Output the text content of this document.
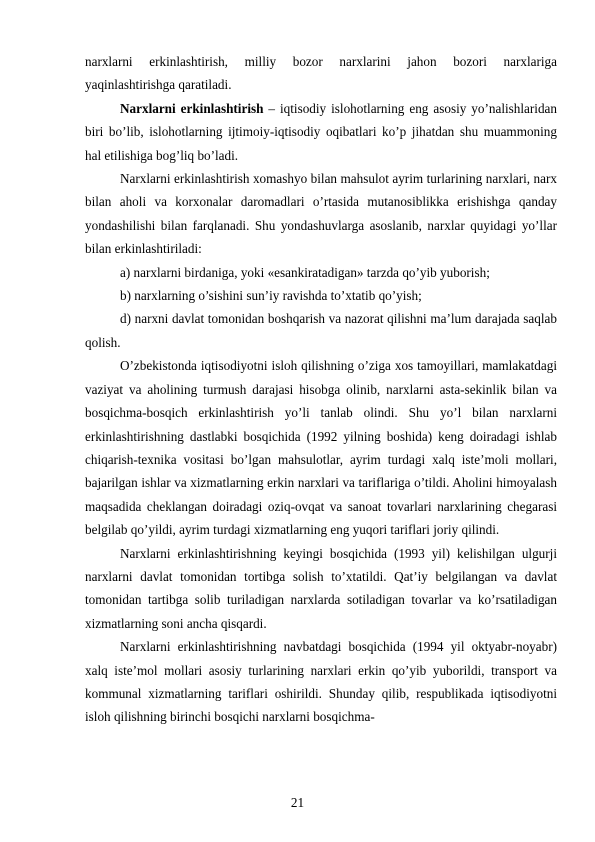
narxlarni erkinlashtirish, milliy bozor narxlarini jahon bozori narxlariga yaqinlashtirishga qaratiladi.

Narxlarni erkinlashtirish – iqtisodiy islohotlarning eng asosiy yo’nalishlaridan biri bo’lib, islohotlarning ijtimoiy-iqtisodiy oqibatlari ko’p jihatdan shu muammoning hal etilishiga bog’liq bo’ladi.

Narxlarni erkinlashtirish xomashyo bilan mahsulot ayrim turlarining narxlari, narx bilan aholi va korxonalar daromadlari o’rtasida mutanosiblikka erishishga qanday yondashilishi bilan farqlanadi. Shu yondashuvlarga asoslanib, narxlar quyidagi yo’llar bilan erkinlashtiriladi:

a) narxlarni birdaniga, yoki «esankiratadigan» tarzda qo’yib yuborish;

b) narxlarning o’sishini sun’iy ravishda to’xtatib qo’yish;

d) narxni davlat tomonidan boshqarish va nazorat qilishni ma’lum darajada saqlab qolish.

O’zbekistonda iqtisodiyotni isloh qilishning o’ziga xos tamoyillari, mamlakatdagi vaziyat va aholining turmush darajasi hisobga olinib, narxlarni asta-sekinlik bilan va bosqichma-bosqich erkinlashtirish yo’li tanlab olindi. Shu yo’l bilan narxlarni erkinlashtirishning dastlabki bosqichida (1992 yilning boshida) keng doiradagi ishlab chiqarish-texnika vositasi bo’lgan mahsulotlar, ayrim turdagi xalq iste’moli mollari, bajarilgan ishlar va xizmatlarning erkin narxlari va tariflariga o’tildi. Aholini himoyalash maqsadida cheklangan doiradagi oziq-ovqat va sanoat tovarlari narxlarining chegarasi belgilab qo’yildi, ayrim turdagi xizmatlarning eng yuqori tariflari joriy qilindi.

Narxlarni erkinlashtirishning keyingi bosqichida (1993 yil) kelishilgan ulgurji narxlarni davlat tomonidan tortibga solish to’xtatildi. Qat’iy belgilangan va davlat tomonidan tartibga solib turiladigan narxlarda sotiladigan tovarlar va ko’rsatiladigan xizmatlarning soni ancha qisqardi.

Narxlarni erkinlashtirishning navbatdagi bosqichida (1994 yil oktyabr-noyabr) xalq iste’mol mollari asosiy turlarining narxlari erkin qo’yib yuborildi, transport va kommunal xizmatlarning tariflari oshirildi. Shunday qilib, respublikada iqtisodiyotni isloh qilishning birinchi bosqichi narxlarni bosqichma-

21
